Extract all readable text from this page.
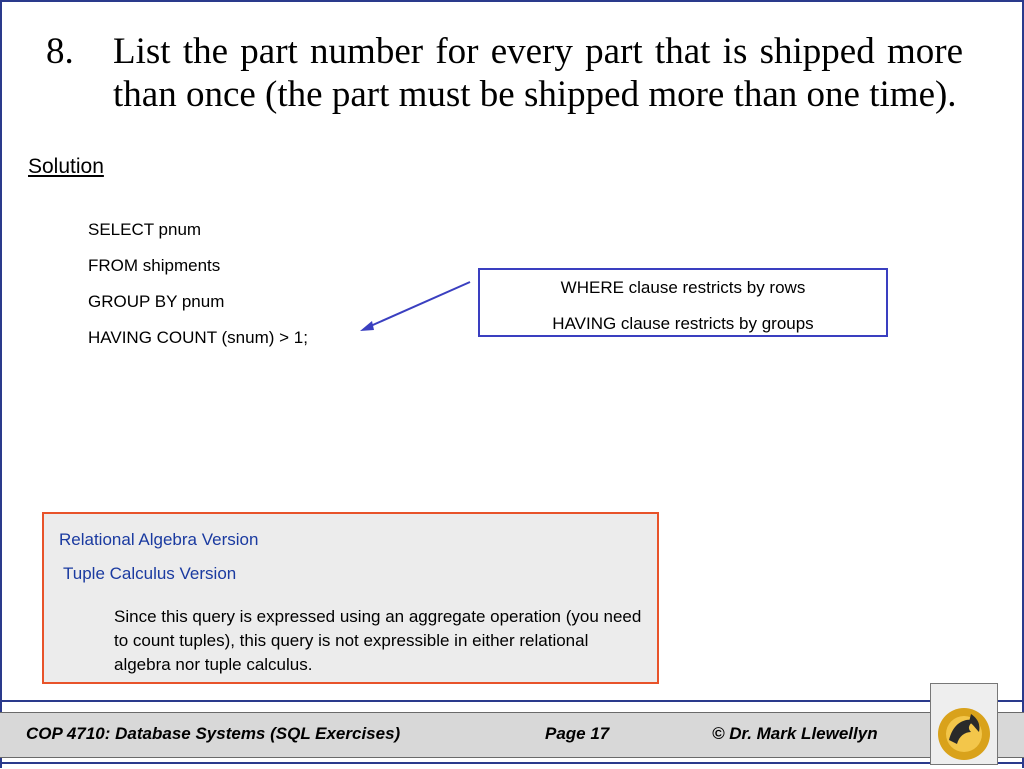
8. List the part number for every part that is shipped more than once (the part must be shipped more than one time).
Solution
SELECT pnum
FROM shipments
GROUP BY pnum
HAVING COUNT (snum) > 1;
WHERE clause restricts by rows
HAVING clause restricts by groups
Relational Algebra Version
Tuple Calculus Version
Since this query is expressed using an aggregate operation (you need to count tuples), this query is not expressible in either relational algebra nor tuple calculus.
COP 4710: Database Systems (SQL Exercises)	Page 17	© Dr. Mark Llewellyn
